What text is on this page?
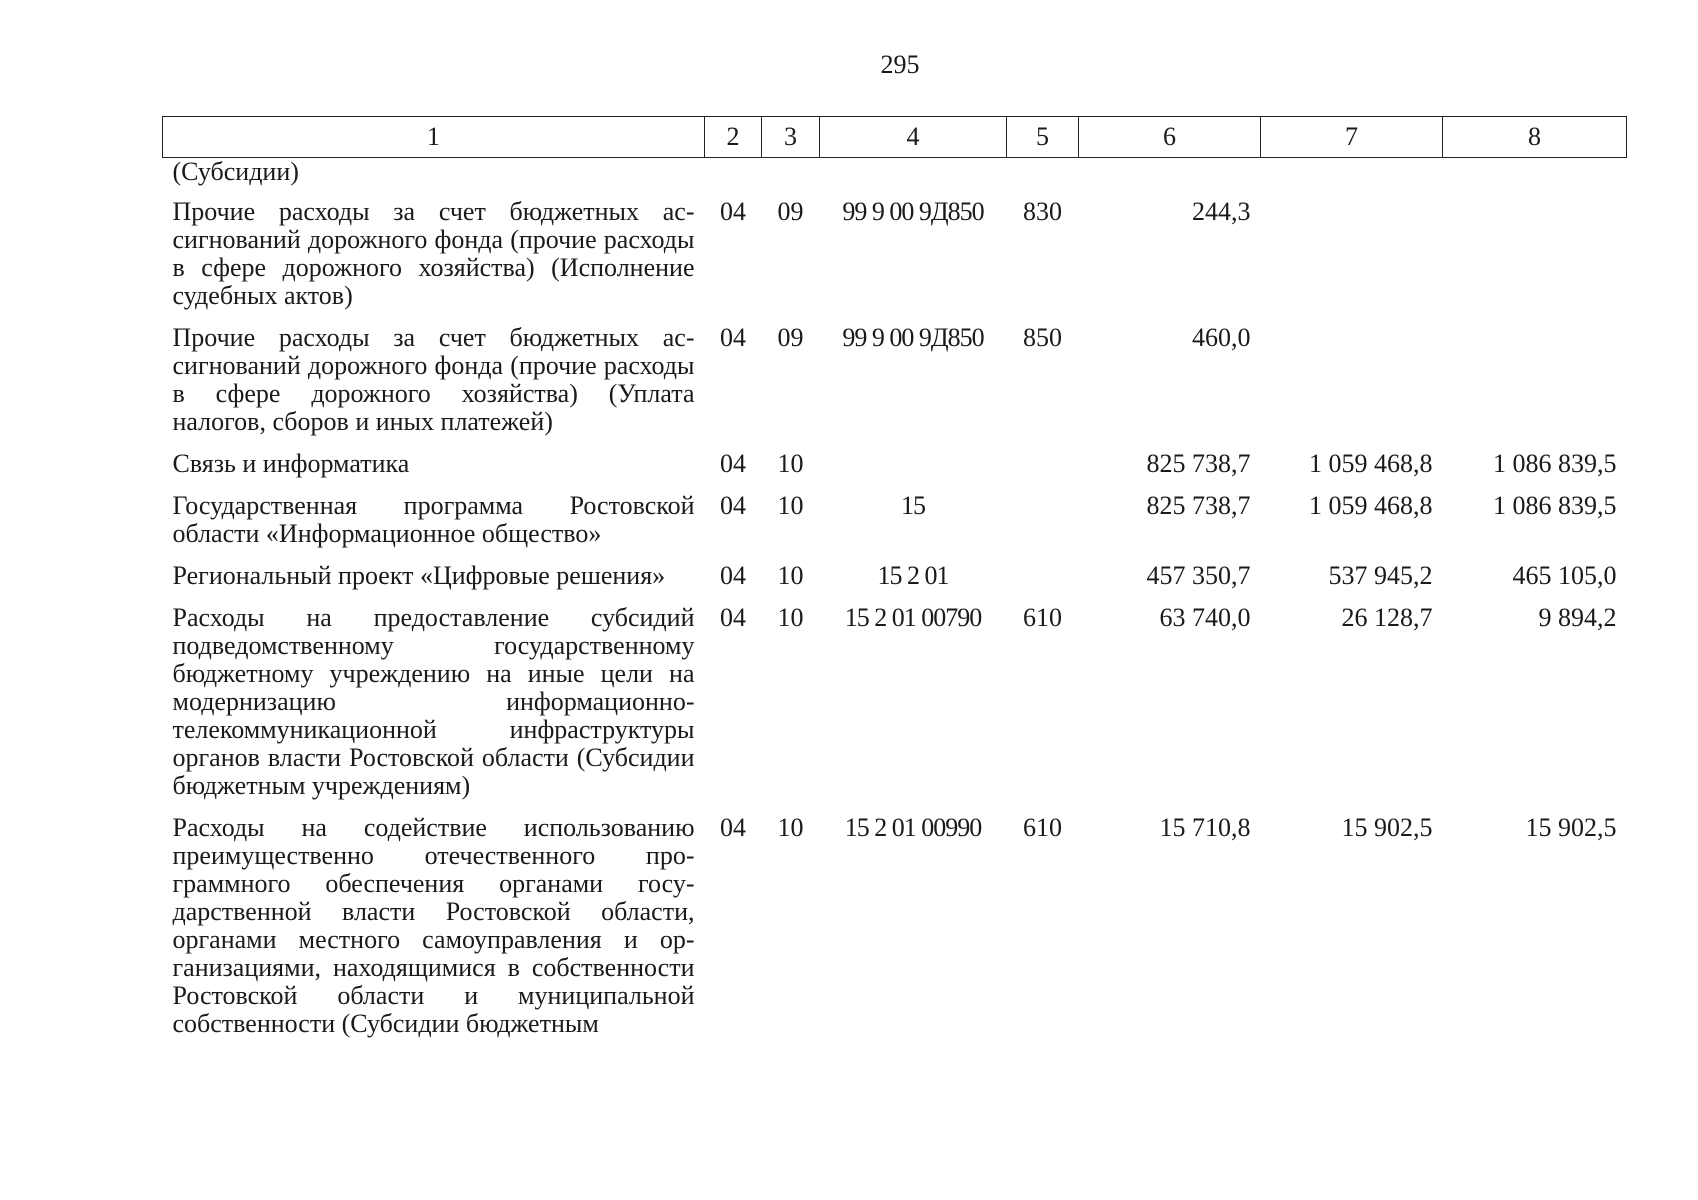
295
1	2	3	4	5	6	7	8
(Субсидии)							
Прочие расходы за счет бюджетных ассигнований дорожного фонда (прочие расходы в сфере дорожного хозяйства) (Исполнение судебных актов)	04	09	99 9 00 9Д850	830	244,3		
Прочие расходы за счет бюджетных ассигнований дорожного фонда (прочие расходы в сфере дорожного хозяйства) (Уплата налогов, сборов и иных платежей)	04	09	99 9 00 9Д850	850	460,0		
Связь и информатика	04	10			825 738,7	1 059 468,8	1 086 839,5
Государственная программа Ростовской области «Информационное общество»	04	10	15		825 738,7	1 059 468,8	1 086 839,5
Региональный проект «Цифровые решения»	04	10	15 2 01		457 350,7	537 945,2	465 105,0
Расходы на предоставление субсидий подведомственному государственному бюджетному учреждению на иные цели на модернизацию информационно-телекоммуникационной инфраструктуры органов власти Ростовской области (Субсидии бюджетным учреждениям)	04	10	15 2 01 00790	610	63 740,0	26 128,7	9 894,2
Расходы на содействие использованию преимущественно отечественного программного обеспечения органами государственной власти Ростовской области, органами местного самоуправления и организациями, находящимися в собственности Ростовской области и муниципальной собственности (Субсидии бюджетным	04	10	15 2 01 00990	610	15 710,8	15 902,5	15 902,5
